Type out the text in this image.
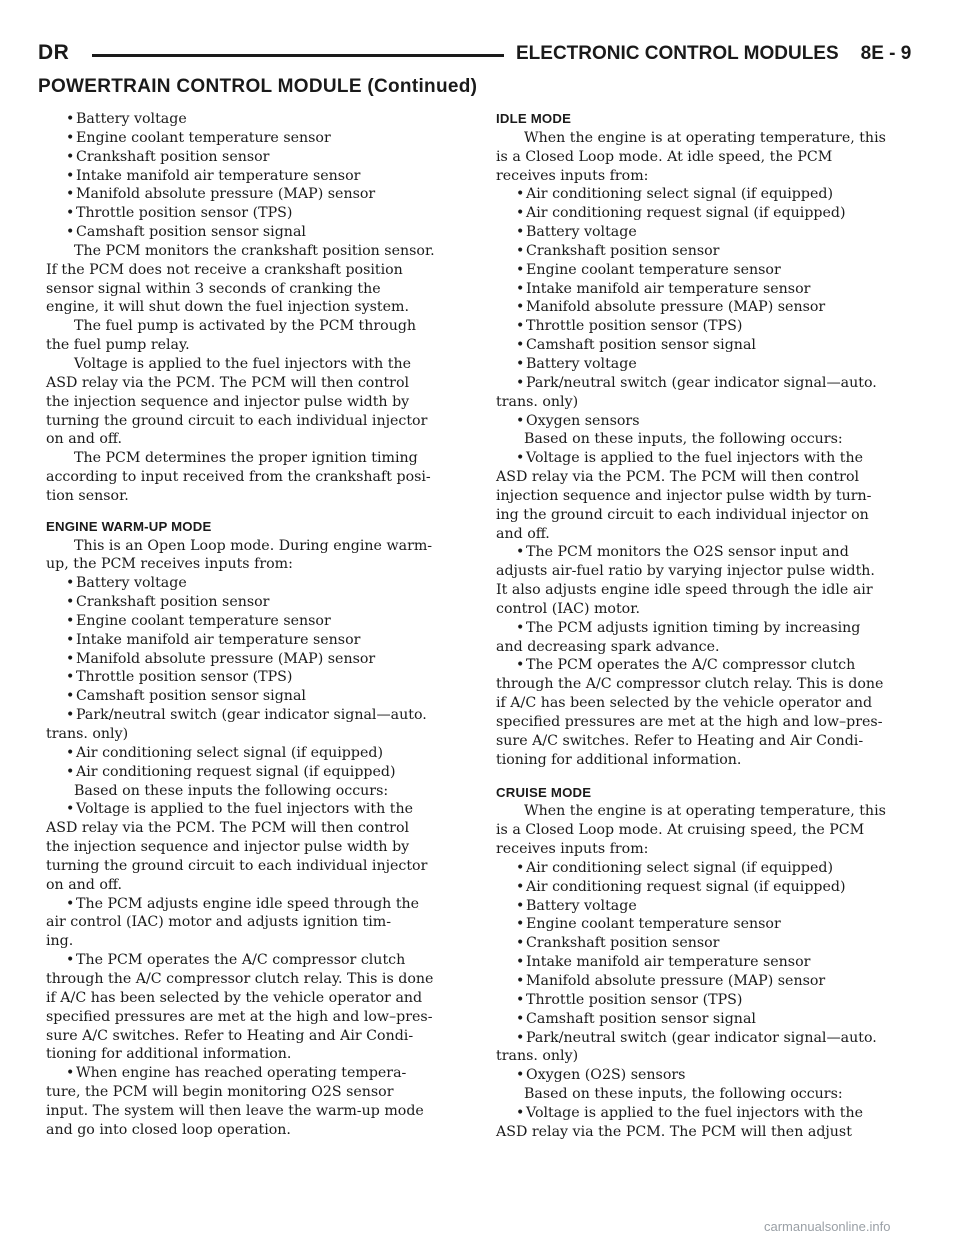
DR	ELECTRONIC CONTROL MODULES 8E - 9
POWERTRAIN CONTROL MODULE (Continued)
• Battery voltage
• Engine coolant temperature sensor
• Crankshaft position sensor
• Intake manifold air temperature sensor
• Manifold absolute pressure (MAP) sensor
• Throttle position sensor (TPS)
• Camshaft position sensor signal
The PCM monitors the crankshaft position sensor.
If the PCM does not receive a crankshaft position
sensor signal within 3 seconds of cranking the
engine, it will shut down the fuel injection system.
The fuel pump is activated by the PCM through
the fuel pump relay.
Voltage is applied to the fuel injectors with the
ASD relay via the PCM. The PCM will then control
the injection sequence and injector pulse width by
turning the ground circuit to each individual injector
on and off.
The PCM determines the proper ignition timing
according to input received from the crankshaft posi-
tion sensor.
ENGINE WARM-UP MODE
This is an Open Loop mode. During engine warm-
up, the PCM receives inputs from:
• Battery voltage
• Crankshaft position sensor
• Engine coolant temperature sensor
• Intake manifold air temperature sensor
• Manifold absolute pressure (MAP) sensor
• Throttle position sensor (TPS)
• Camshaft position sensor signal
• Park/neutral switch (gear indicator signal—auto.
trans. only)
• Air conditioning select signal (if equipped)
• Air conditioning request signal (if equipped)
Based on these inputs the following occurs:
• Voltage is applied to the fuel injectors with the
ASD relay via the PCM. The PCM will then control
the injection sequence and injector pulse width by
turning the ground circuit to each individual injector
on and off.
• The PCM adjusts engine idle speed through the
air control (IAC) motor and adjusts ignition tim-
ing.
• The PCM operates the A/C compressor clutch
through the A/C compressor clutch relay. This is done
if A/C has been selected by the vehicle operator and
specified pressures are met at the high and low–pres-
sure A/C switches. Refer to Heating and Air Condi-
tioning for additional information.
• When engine has reached operating tempera-
ture, the PCM will begin monitoring O2S sensor
input. The system will then leave the warm-up mode
and go into closed loop operation.
IDLE MODE
When the engine is at operating temperature, this
is a Closed Loop mode. At idle speed, the PCM
receives inputs from:
• Air conditioning select signal (if equipped)
• Air conditioning request signal (if equipped)
• Battery voltage
• Crankshaft position sensor
• Engine coolant temperature sensor
• Intake manifold air temperature sensor
• Manifold absolute pressure (MAP) sensor
• Throttle position sensor (TPS)
• Camshaft position sensor signal
• Battery voltage
• Park/neutral switch (gear indicator signal—auto.
trans. only)
• Oxygen sensors
Based on these inputs, the following occurs:
• Voltage is applied to the fuel injectors with the
ASD relay via the PCM. The PCM will then control
injection sequence and injector pulse width by turn-
ing the ground circuit to each individual injector on
and off.
• The PCM monitors the O2S sensor input and
adjusts air-fuel ratio by varying injector pulse width.
It also adjusts engine idle speed through the idle air
control (IAC) motor.
• The PCM adjusts ignition timing by increasing
and decreasing spark advance.
• The PCM operates the A/C compressor clutch
through the A/C compressor clutch relay. This is done
if A/C has been selected by the vehicle operator and
specified pressures are met at the high and low–pres-
sure A/C switches. Refer to Heating and Air Condi-
tioning for additional information.
CRUISE MODE
When the engine is at operating temperature, this
is a Closed Loop mode. At cruising speed, the PCM
receives inputs from:
• Air conditioning select signal (if equipped)
• Air conditioning request signal (if equipped)
• Battery voltage
• Engine coolant temperature sensor
• Crankshaft position sensor
• Intake manifold air temperature sensor
• Manifold absolute pressure (MAP) sensor
• Throttle position sensor (TPS)
• Camshaft position sensor signal
• Park/neutral switch (gear indicator signal—auto.
trans. only)
• Oxygen (O2S) sensors
Based on these inputs, the following occurs:
• Voltage is applied to the fuel injectors with the
ASD relay via the PCM. The PCM will then adjust
carmanualsonline.info
